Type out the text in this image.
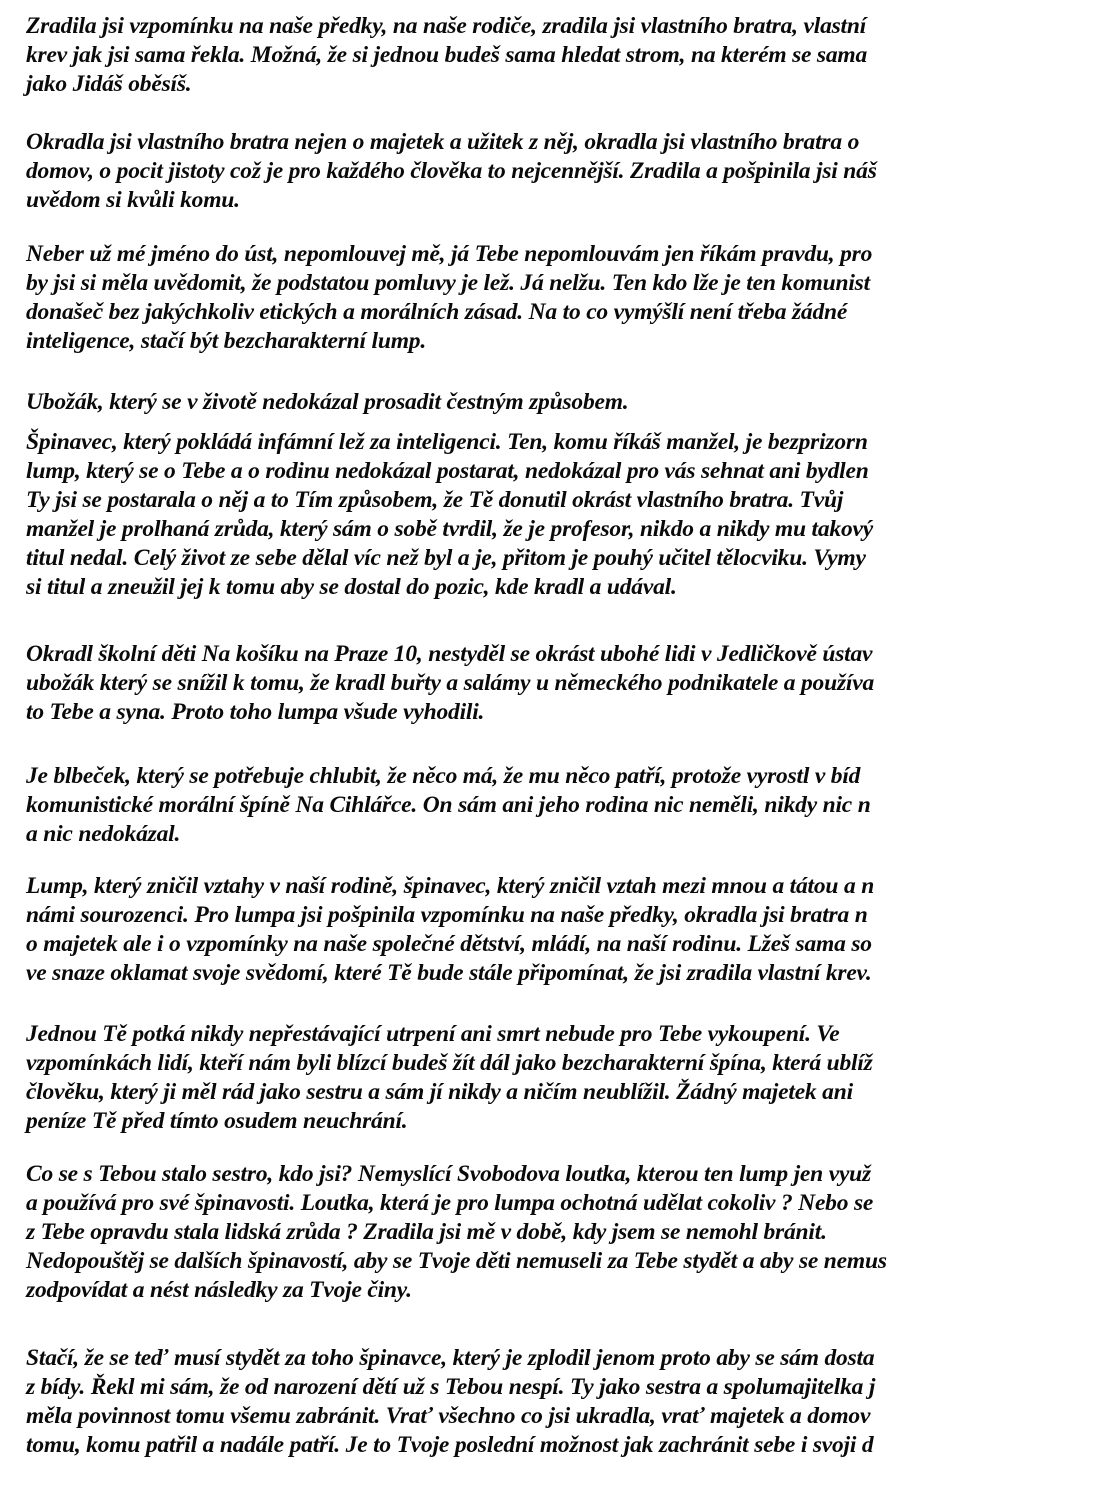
Zradila jsi vzpomínku na naše předky, na naše rodiče, zradila jsi vlastního bratra, vlastní
krev jak jsi sama řekla. Možná, že si jednou budeš sama hledat strom, na kterém se sama
jako Jidáš oběsíš.
Okradla jsi vlastního bratra nejen o majetek a užitek z něj, okradla jsi vlastního bratra o
domov, o pocit jistoty což je pro každého člověka to nejcennější. Zradila a pošpinila jsi náš
uvědom si kvůli komu.
Neber už mé jméno do úst, nepomlouvej mě, já Tebe nepomlouvám jen říkám pravdu, pro
by jsi si měla uvědomit, že podstatou pomluvy je lež. Já nelžu. Ten kdo lže je ten komunist
donašeč bez jakýchkoliv etických a morálních zásad. Na to co vymýšlí není třeba žádné
inteligence, stačí být bezcharakterní lump.
Ubožák, který se v životě nedokázal prosadit čestným způsobem.
Špinavec, který pokládá infámní lež za inteligenci. Ten, komu říkáš manžel, je bezprizorn
lump, který se o Tebe a o rodinu nedokázal postarat, nedokázal pro vás sehnat ani bydlen
Ty jsi se postarala o něj a to Tím způsobem, že Tě donutil okrást vlastního bratra. Tvůj
manžel je prolhaná zrůda, který sám o sobě tvrdil, že je profesor, nikdo a nikdy mu takový
titul nedal. Celý život ze sebe dělal víc než byl a je, přitom je pouhý učitel tělocviku. Vymy
si titul a zneužil jej k tomu aby se dostal do pozic, kde kradl a udával.
Okradl školní děti Na košíku na Praze 10, nestyděl se okrást ubohé lidi v Jedličkově ústav
ubožák který se snížil k tomu, že kradl buřty a salámy u německého podnikatele a používa
to Tebe a syna. Proto toho lumpa všude vyhodili.
Je blbeček, který se potřebuje chlubit, že něco má, že mu něco patří, protože vyrostl v bíd
komunistické morální špíně Na Cihlářce. On sám ani jeho rodina nic neměli, nikdy nic n
a nic nedokázal.
Lump, který zničil vztahy v naší rodině, špinavec, který zničil vztah mezi mnou a tátou a n
námi sourozenci. Pro lumpa jsi pošpinila vzpomínku na naše předky, okradla jsi bratra n
o majetek ale i o vzpomínky na naše společné dětství, mládí, na naší rodinu. Lžeš sama so
ve snaze oklamat svoje svědomí, které Tě bude stále připomínat, že jsi zradila vlastní krev.
Jednou Tě potká nikdy nepřestávající utrpení ani smrt nebude pro Tebe vykoupení. Ve
vzpomínkách lidí, kteří nám byli blízcí budeš žít dál jako bezcharakterní špína, která ublíž
člověku, který ji měl rád jako sestru a sám jí nikdy a ničím neublížil. Žádný majetek ani
peníze Tě před tímto osudem neuchrání.
Co se s Tebou stalo sestro, kdo jsi? Nemyslící Svobodova loutka, kterou ten lump jen využ
a používá pro své špinavosti. Loutka, která je pro lumpa ochotná udělat cokoliv ? Nebo se
z Tebe opravdu stala lidská zrůda ? Zradila jsi mě v době, kdy jsem se nemohl bránit.
Nedopouštěj se dalších špinavostí, aby se Tvoje děti nemuseli za Tebe stydět a aby se nemus
zodpovídat a nést následky za Tvoje činy.
Stačí, že se teď musí stydět za toho špinavce, který je zplodil jenom proto aby se sám dosta
z bídy. Řekl mi sám, že od narození dětí už s Tebou nespí. Ty jako sestra a spolumajitelka j
měla povinnost tomu všemu zabránit. Vrať všechno co jsi ukradla, vrať majetek a domov
tomu, komu patřil a nadále patří. Je to Tvoje poslední možnost jak zachránit sebe i svoji d
